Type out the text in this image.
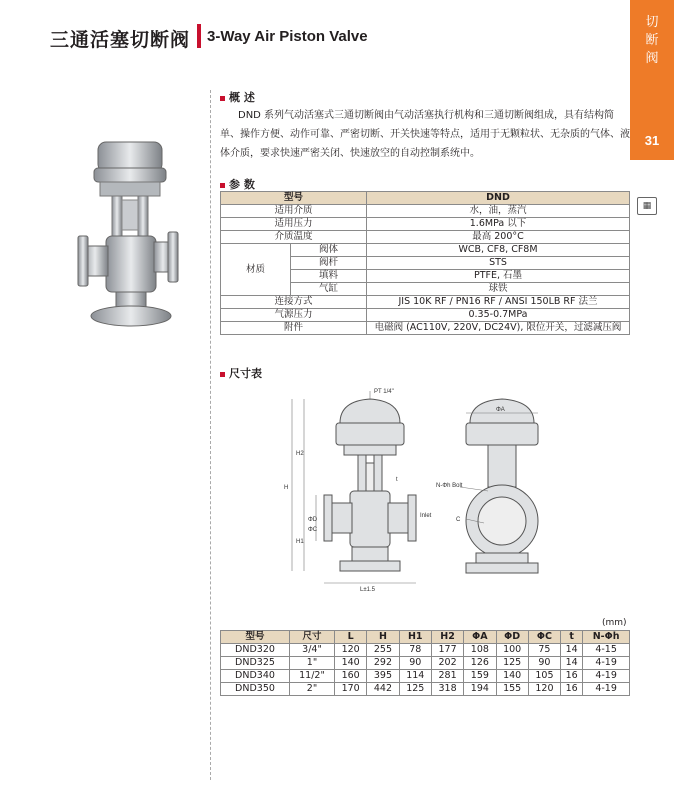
三通活塞切断阀 3-Way Air Piston Valve
切
断
阀
31
▦
概 述
DND 系列气动活塞式三通切断阀由气动活塞执行机构和三通切断阀组成，具有结构简单、操作方便、动作可靠、严密切断、开关快速等特点，适用于无颗粒状、无杂质的气体、液体介质，要求快速严密关闭、快速放空的自动控制系统中。
参 数
型号		DND
适用介质		水，油，蒸汽
适用压力		1.6MPa 以下
介质温度		最高 200°C
材质	阀体	WCB, CF8, CF8M
	阀杆	STS
	填料	PTFE, 石墨
	气缸	球铁
连接方式		JIS 10K RF / PN16 RF / ANSI 150LB RF 法兰
气源压力		0.35-0.7MPa
附件		电磁阀 (AC110V, 220V, DC24V), 限位开关，过滤减压阀
尺寸表
PT 1/4"
H
H2
H1
ΦD
ΦC
t
Inlet
L±1.5
ΦA
N-Φh Bolt
C
(mm)
型号	尺寸	L	H	H1	H2	ΦA	ΦD	ΦC	t	N-Φh
DND320	3/4"	120	255	78	177	108	100	75	14	4-15
DND325	1"	140	292	90	202	126	125	90	14	4-19
DND340	11/2"	160	395	114	281	159	140	105	16	4-19
DND350	2"	170	442	125	318	194	155	120	16	4-19
